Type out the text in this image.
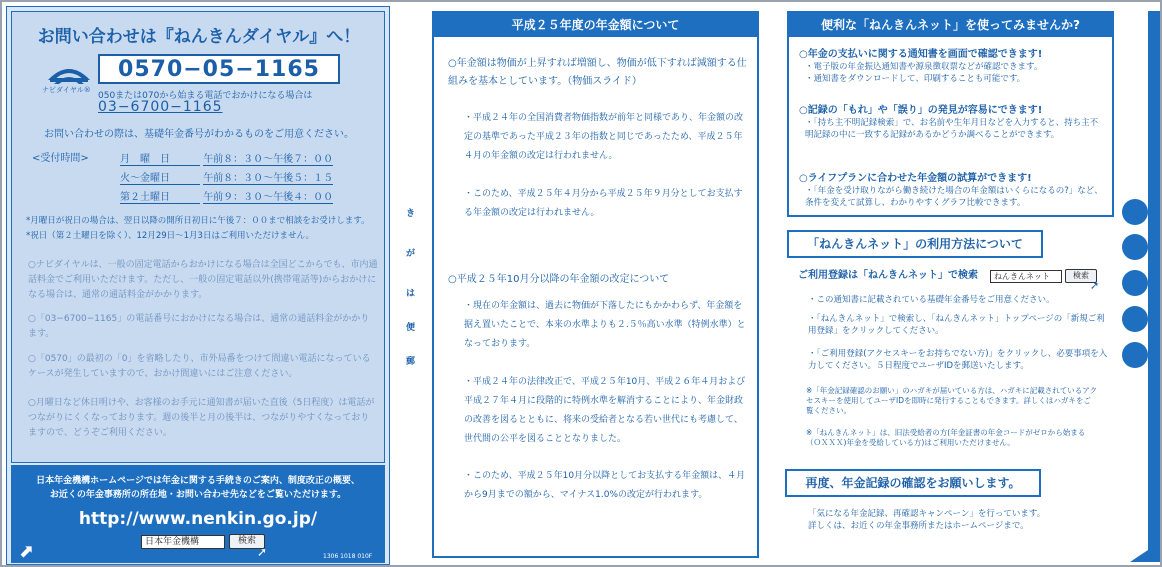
お問い合わせは『ねんきんダイヤル』へ！
ナビダイヤル®
0570−05−1165
050または070から始まる電話でおかけになる場合は
03−6700−1165
お問い合わせの際は、基礎年金番号がわかるものをご用意ください。
<受付時間>	月　曜　日	午前８：３０〜午後７：００
火〜金曜日	午前８：３０〜午後５：１５
第２土曜日	午前９：３０〜午後４：００
*月曜日が祝日の場合は、翌日以降の開所日初日に午後７：００まで相談をお受けします。
*祝日（第２土曜日を除く）、12月29日〜1月3日はご利用いただけません。
○ナビダイヤルは、一般の固定電話からおかけになる場合は全国どこからでも、市内通話料金でご利用いただけます。ただし、一般の固定電話以外(携帯電話等)からおかけになる場合は、通常の通話料金がかかります。
○「03−6700−1165」の電話番号におかけになる場合は、通常の通話料金がかかります。
○「0570」の最初の「0」を省略したり、市外局番をつけて間違い電話になっているケースが発生していますので、おかけ間違いにはご注意ください。
○月曜日など休日明けや、お客様のお手元に通知書が届いた直後（5日程度）は電話がつながりにくくなっております。週の後半と月の後半は、つながりやすくなっておりますので、どうぞご利用ください。
日本年金機構ホームページでは年金に関する手続きのご案内、制度改正の概要、
お近くの年金事務所の所在地・お問い合わせ先などをご覧いただけます。
http://www.nenkin.go.jp/
日本年金機構	検索
➚
⬈	1306 1018 010F
き
が
は
便
郵
平成２５年度の年金額について
○年金額は物価が上昇すれば増額し、物価が低下すれば減額する仕組みを基本としています。（物価スライド）
・平成２４年の全国消費者物価指数が前年と同様であり、年金額の改定の基準であった平成２３年の指数と同じであったため、平成２５年４月の年金額の改定は行われません。
・このため、平成２５年４月分から平成２５年９月分としてお支払する年金額の改定は行われません。
○平成２５年10月分以降の年金額の改定について
・現在の年金額は、過去に物価が下落したにもかかわらず、年金額を据え置いたことで、本来の水準よりも２.５％高い水準（特例水準）となっております。
・平成２４年の法律改正で、平成２５年10月、平成２６年４月および平成２７年４月に段階的に特例水準を解消することにより、年金財政の改善を図るとともに、将来の受給者となる若い世代にも考慮して、世代間の公平を図ることとなりました。
・このため、平成２５年10月分以降としてお支払する年金額は、４月から9月までの額から、マイナス1.0%の改定が行われます。
便利な「ねんきんネット」を使ってみませんか?
○年金の支払いに関する通知書を画面で確認できます!
・電子版の年金振込通知書や源泉徴収票などが確認できます。
・通知書をダウンロードして、印刷することも可能です。
○記録の「もれ」や「誤り」の発見が容易にできます!
・「持ち主不明記録検索」で、お名前や生年月日などを入力すると、持ち主不明記録の中に一致する記録があるかどうか調べることができます。
○ライフプランに合わせた年金額の試算ができます!
・「年金を受け取りながら働き続けた場合の年金額はいくらになるの?」など、条件を変えて試算し、わかりやすくグラフ比較できます。
「ねんきんネット」の利用方法について
ご利用登録は「ねんきんネット」で検索	ねんきんネット	検索
➚
・この通知書に記載されている基礎年金番号をご用意ください。
・「ねんきんネット」で検索し、「ねんきんネット」トップページの「新規ご利用登録」をクリックしてください。
・「ご利用登録(アクセスキーをお持ちでない方)」をクリックし、必要事項を入力してください。５日程度でユーザIDを郵送いたします。
※「年金記録確認のお願い」のハガキが届いている方は、ハガキに記載されているアクセスキーを使用してユーザIDを即時に発行することもできます。詳しくはハガキをご覧ください。
※「ねんきんネット」は、旧法受給者の方(年金証書の年金コードがゼロから始まる（ＯＸＸＸ)年金を受給している方)はご利用いただけません。
再度、年金記録の確認をお願いします。
「気になる年金記録、再確認キャンペーン」を行っています。
詳しくは、お近くの年金事務所またはホームページまで。
